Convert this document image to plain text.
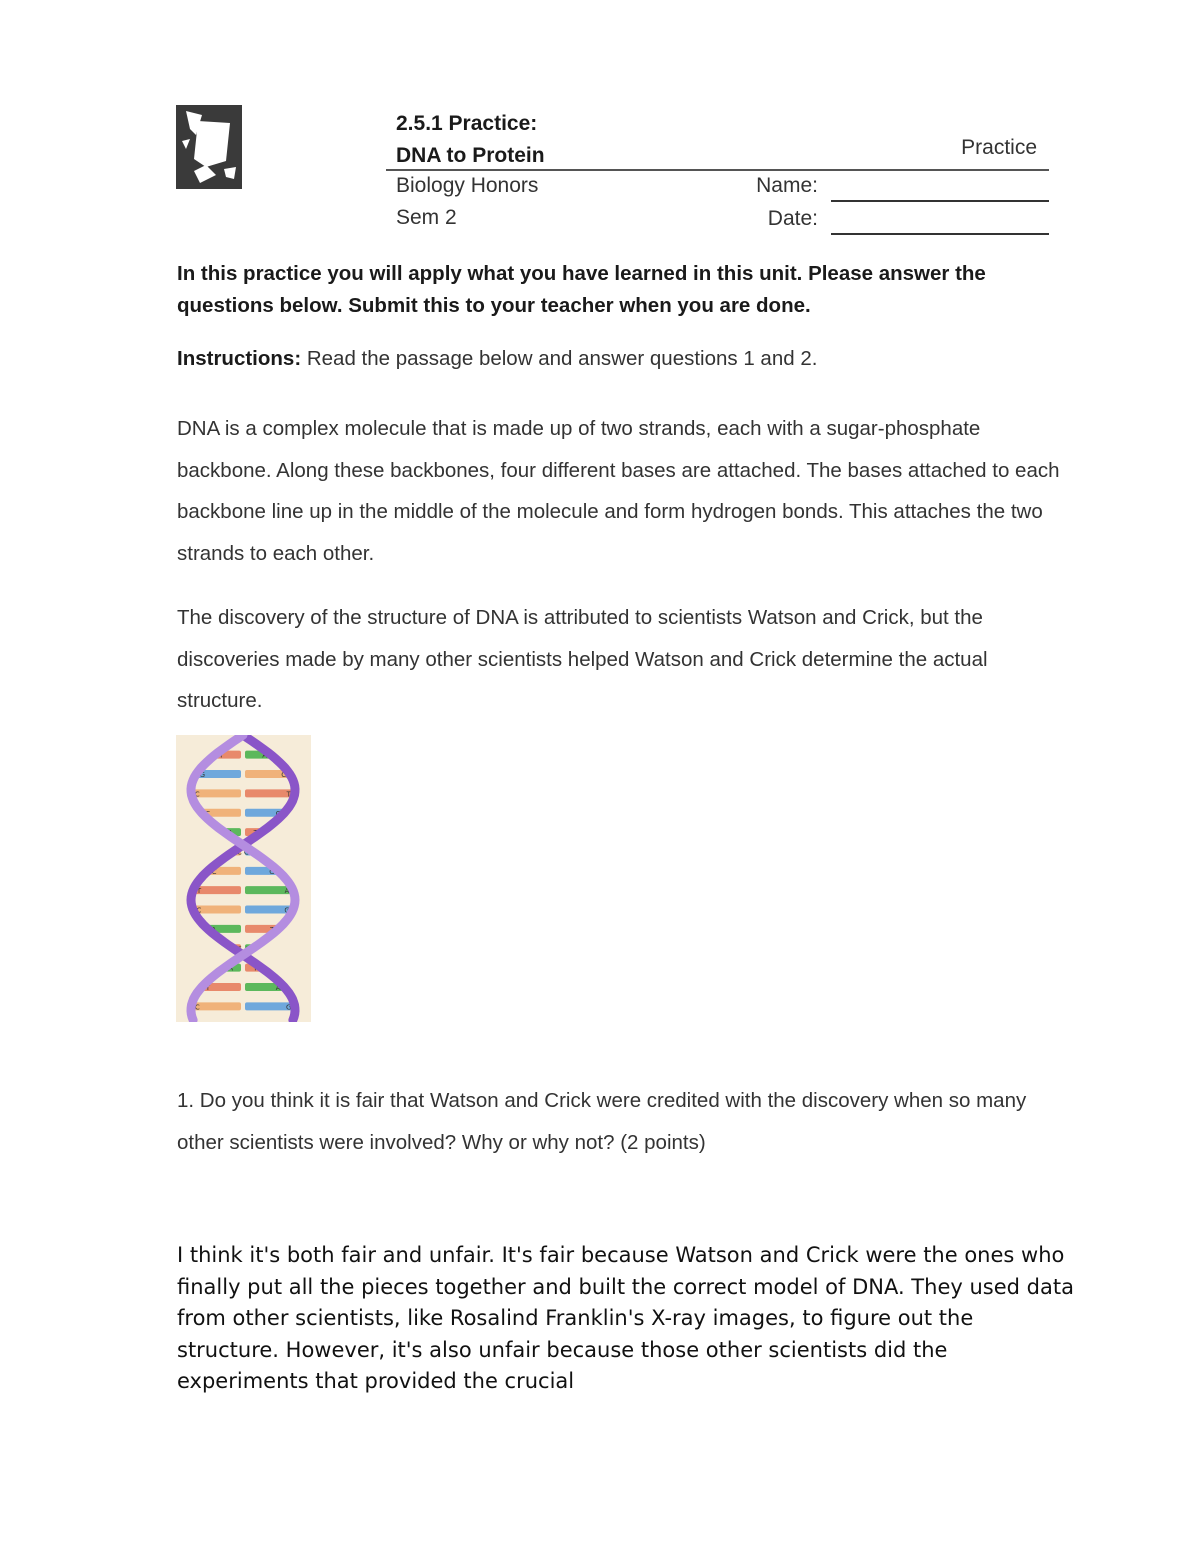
2.5.1 Practice:
DNA to Protein	Practice
Biology Honors
Sem 2
Name:
Date:
In this practice you will apply what you have learned in this unit. Please answer the questions below. Submit this to your teacher when you are done.
Instructions: Read the passage below and answer questions 1 and 2.
DNA is a complex molecule that is made up of two strands, each with a sugar-phosphate backbone. Along these backbones, four different bases are attached. The bases attached to each backbone line up in the middle of the molecule and form hydrogen bonds. This attaches the two strands to each other.
The discovery of the structure of DNA is attributed to scientists Watson and Crick, but the discoveries made by many other scientists helped Watson and Crick determine the actual structure.
T	A
G	C
C	T
C	G
A	T
C G
C	G
T	A
C	G
A	T
T A
A	T
T	A
C	G
1. Do you think it is fair that Watson and Crick were credited with the discovery when so many other scientists were involved? Why or why not? (2 points)
I think it's both fair and unfair. It's fair because Watson and Crick were the ones who finally put all the pieces together and built the correct model of DNA. They used data from other scientists, like Rosalind Franklin's X-ray images, to figure out the structure. However, it's also unfair because those other scientists did the experiments that provided the crucial
